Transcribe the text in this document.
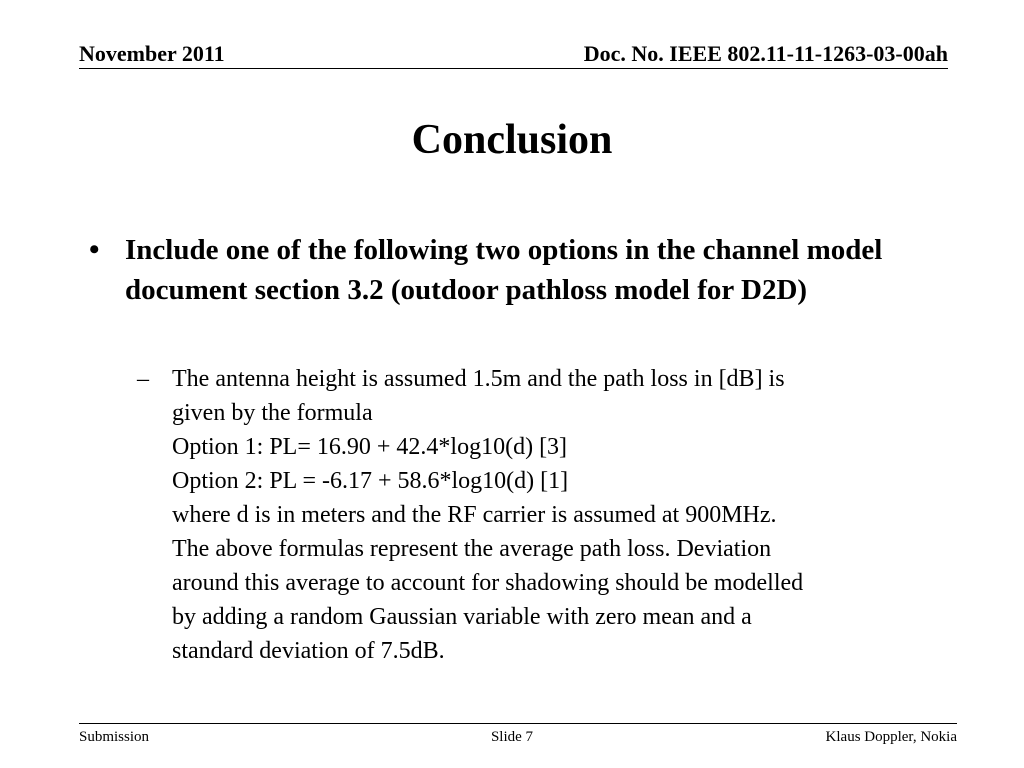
November 2011	Doc. No. IEEE 802.11-11-1263-03-00ah
Conclusion
• Include one of the following two options in the channel model document section 3.2 (outdoor pathloss model for D2D)
– The antenna height is assumed 1.5m and the path loss in [dB] is
given by the formula
Option 1: PL= 16.90 + 42.4*log10(d) [3]
Option 2: PL = -6.17 + 58.6*log10(d) [1]
where d is in meters and the RF carrier is assumed at 900MHz.
The above formulas represent the average path loss. Deviation
around this average to account for shadowing should be modelled
by adding a random Gaussian variable with zero mean and a
standard deviation of 7.5dB.
Submission	Slide 7	Klaus Doppler, Nokia
